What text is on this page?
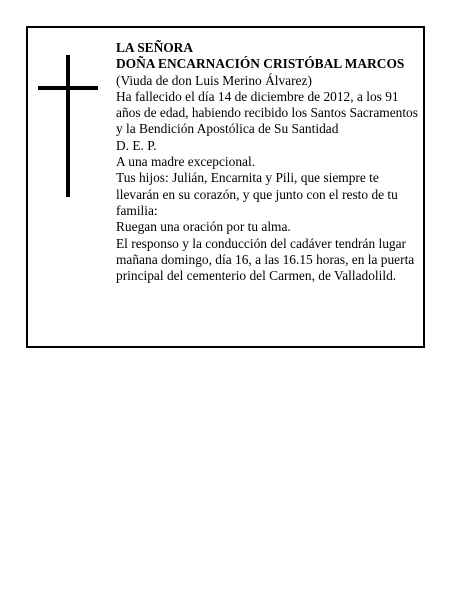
LA SEÑORA

DOÑA ENCARNACIÓN CRISTÓBAL MARCOS

(Viuda de don Luis Merino Álvarez)

Ha fallecido el día 14 de diciembre de 2012, a los 91 años de edad, habiendo recibido los Santos Sacramentos y la Bendición Apostólica de Su Santidad

D. E. P.

A una madre excepcional.

Tus hijos: Julián, Encarnita y Pili, que siempre te llevarán en su corazón, y que junto con el resto de tu familia:

Ruegan una oración por tu alma.

El responso y la conducción del cadáver tendrán lugar mañana domingo, día 16, a las 16.15 horas, en la puerta principal del cementerio del Carmen, de Valladolild.
